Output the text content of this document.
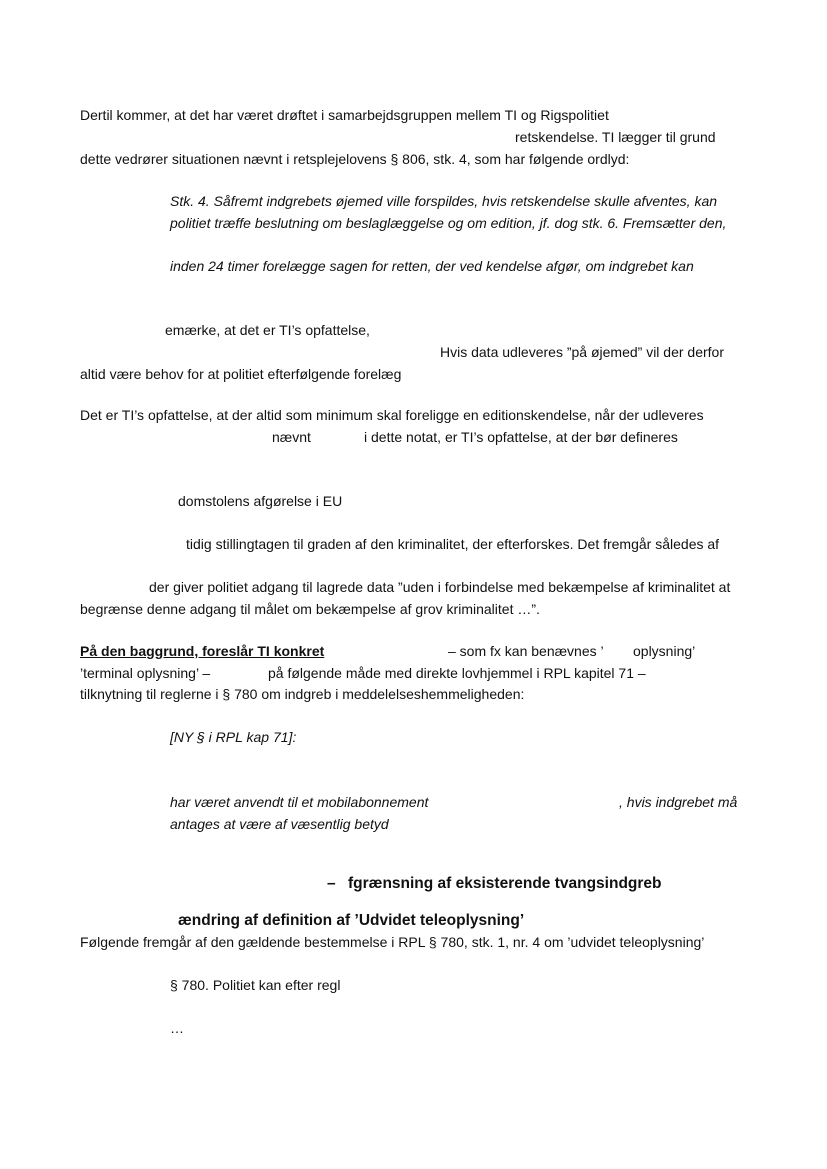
Dertil kommer, at det har været drøftet i samarbejdsgruppen mellem TI og Rigspolitiet
retskendelse. TI lægger til grund
dette vedrører situationen nævnt i retsplejelovens § 806, stk. 4, som har følgende ordlyd:
Stk. 4. Såfremt indgrebets øjemed ville forspildes, hvis retskendelse skulle afventes, kan
politiet træffe beslutning om beslaglæggelse og om edition, jf. dog stk. 6. Fremsætter den,
inden 24 timer forelægge sagen for retten, der ved kendelse afgør, om indgrebet kan
emærke, at det er TI’s opfattelse,
Hvis data udleveres ”på øjemed” vil der derfor
altid være behov for at politiet efterfølgende forelæg
Det er TI’s opfattelse, at der altid som minimum skal foreligge en editionskendelse, når der udleveres
nævnt	i dette notat, er TI’s opfattelse, at der bør defineres
domstolens afgørelse i EU
tidig stillingtagen til graden af den kriminalitet, der efterforskes. Det fremgår således af
der giver politiet adgang til lagrede data ”uden i forbindelse med bekæmpelse af kriminalitet at
begrænse denne adgang til målet om bekæmpelse af grov kriminalitet …”.
På den baggrund, foreslår TI konkret	– som fx kan benævnes ’ oplysning’
’terminal oplysning’ –	på følgende måde med direkte lovhjemmel i RPL kapitel 71 –
tilknytning til reglerne i § 780 om indgreb i meddelelseshemmeligheden:
[NY § i RPL kap 71]:
har været anvendt til et mobilabonnement	, hvis indgrebet må
antages at være af væsentlig betyd
– fgrænsning af eksisterende tvangsindgreb
ændring af definition af ’Udvidet teleoplysning’
Følgende fremgår af den gældende bestemmelse i RPL § 780, stk. 1, nr. 4 om ’udvidet teleoplysning’
§ 780. Politiet kan efter regl
…
